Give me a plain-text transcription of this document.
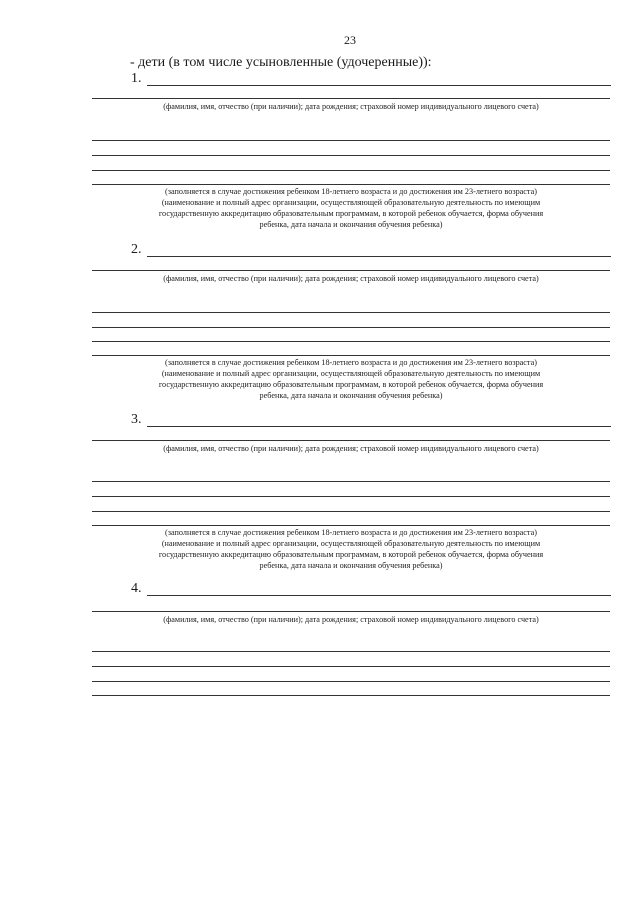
23
- дети (в том числе усыновленные (удочеренные)):
1.
(фамилия, имя, отчество (при наличии); дата рождения; страховой номер индивидуального лицевого счета)
(заполняется в случае достижения ребенком 18-летнего возраста и до достижения им 23-летнего возраста)
(наименование и полный адрес организации, осуществляющей образовательную деятельность по имеющим
государственную аккредитацию образовательным программам, в которой ребенок обучается, форма обучения
ребенка, дата начала и окончания обучения ребенка)
2.
(фамилия, имя, отчество (при наличии); дата рождения; страховой номер индивидуального лицевого счета)
(заполняется в случае достижения ребенком 18-летнего возраста и до достижения им 23-летнего возраста)
(наименование и полный адрес организации, осуществляющей образовательную деятельность по имеющим
государственную аккредитацию образовательным программам, в которой ребенок обучается, форма обучения
ребенка, дата начала и окончания обучения ребенка)
3.
(фамилия, имя, отчество (при наличии); дата рождения; страховой номер индивидуального лицевого счета)
(заполняется в случае достижения ребенком 18-летнего возраста и до достижения им 23-летнего возраста)
(наименование и полный адрес организации, осуществляющей образовательную деятельность по имеющим
государственную аккредитацию образовательным программам, в которой ребенок обучается, форма обучения
ребенка, дата начала и окончания обучения ребенка)
4.
(фамилия, имя, отчество (при наличии); дата рождения; страховой номер индивидуального лицевого счета)
